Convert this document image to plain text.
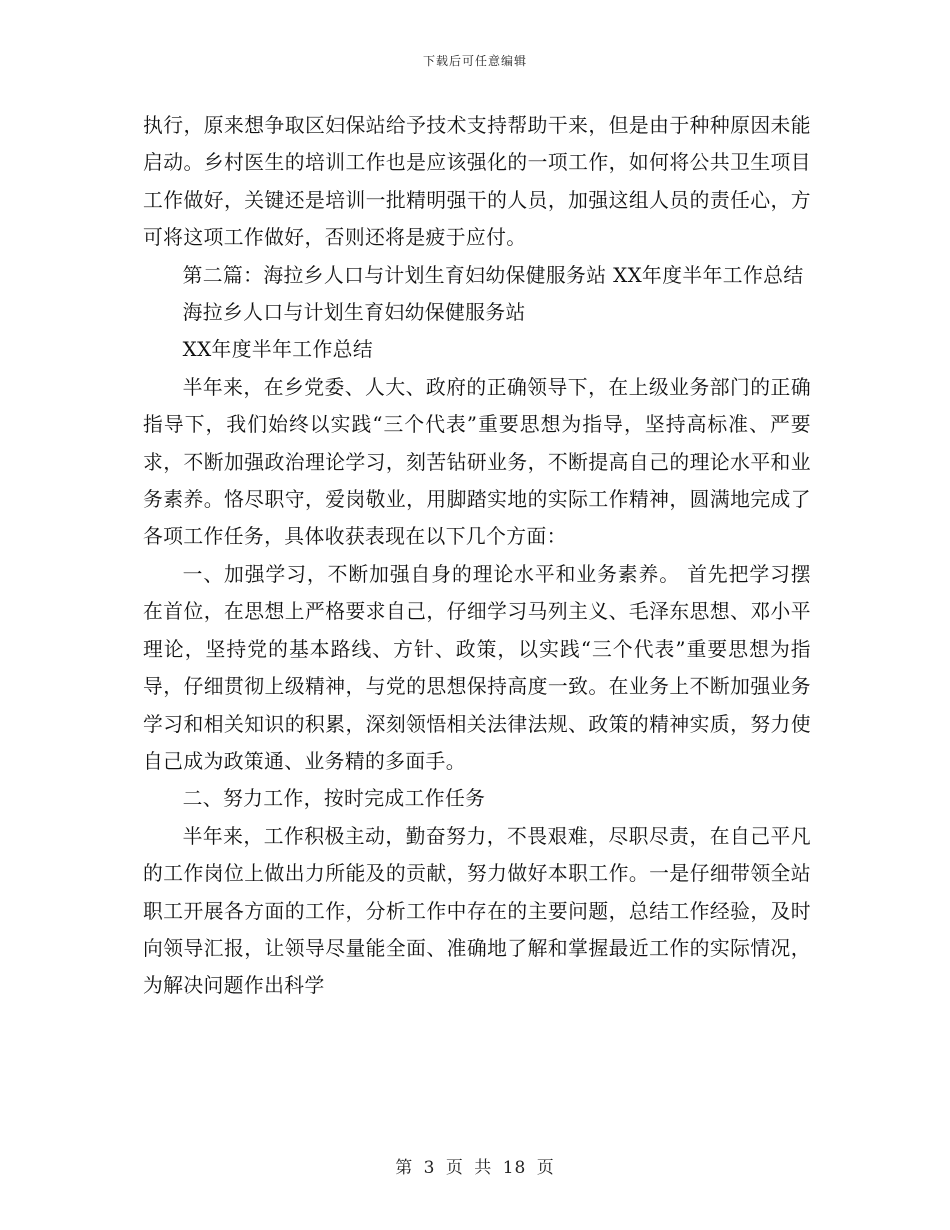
下载后可任意编辑

执行，原来想争取区妇保站给予技术支持帮助干来，但是由于种种原因未能启动。乡村医生的培训工作也是应该强化的一项工作，如何将公共卫生项目工作做好，关键还是培训一批精明强干的人员，加强这组人员的责任心，方可将这项工作做好，否则还将是疲于应付。

第二篇：海拉乡人口与计划生育妇幼保健服务站 XX年度半年工作总结

海拉乡人口与计划生育妇幼保健服务站

XX年度半年工作总结

半年来，在乡党委、人大、政府的正确领导下，在上级业务部门的正确指导下，我们始终以实践“三个代表”重要思想为指导，坚持高标准、严要求，不断加强政治理论学习，刻苦钻研业务，不断提高自己的理论水平和业务素养。恪尽职守，爱岗敬业，用脚踏实地的实际工作精神，圆满地完成了各项工作任务，具体收获表现在以下几个方面：

一、加强学习，不断加强自身的理论水平和业务素养。 首先把学习摆在首位，在思想上严格要求自己，仔细学习马列主义、毛泽东思想、邓小平理论，坚持党的基本路线、方针、政策，以实践“三个代表”重要思想为指导，仔细贯彻上级精神，与党的思想保持高度一致。在业务上不断加强业务学习和相关知识的积累，深刻领悟相关法律法规、政策的精神实质，努力使自己成为政策通、业务精的多面手。

二、努力工作，按时完成工作任务

半年来，工作积极主动，勤奋努力，不畏艰难，尽职尽责，在自己平凡的工作岗位上做出力所能及的贡献，努力做好本职工作。一是仔细带领全站职工开展各方面的工作，分析工作中存在的主要问题，总结工作经验，及时向领导汇报，让领导尽量能全面、准确地了解和掌握最近工作的实际情况，为解决问题作出科学

第 3 页 共 18 页
